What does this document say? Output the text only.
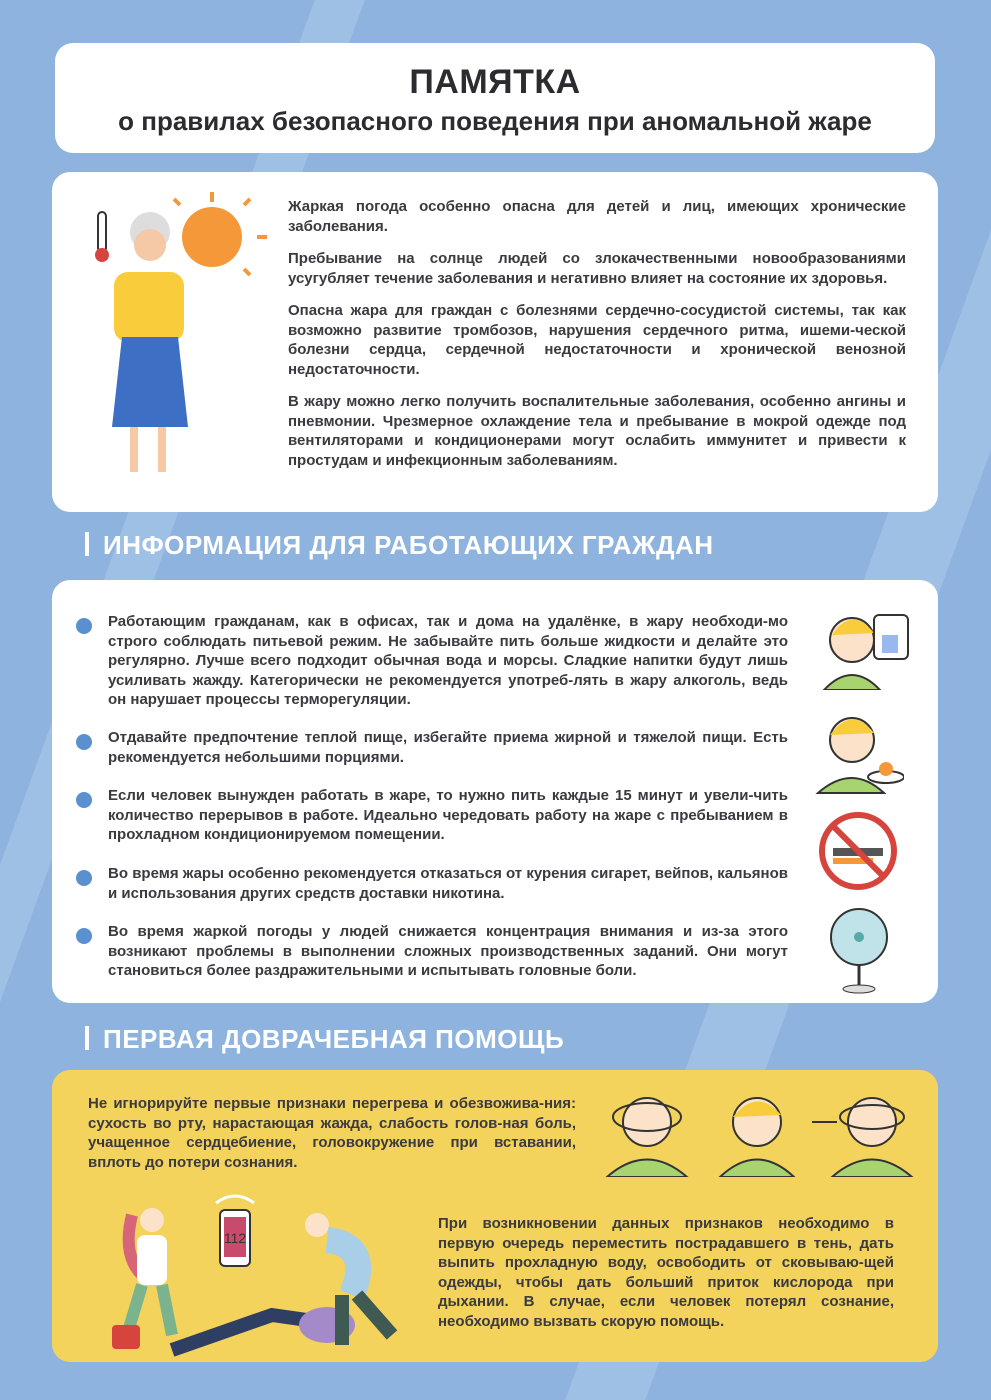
ПАМЯТКА
о правилах безопасного поведения при аномальной жаре

Жаркая погода особенно опасна для детей и лиц, имеющих хронические заболевания.

Пребывание на солнце людей со злокачественными новообразованиями усугубляет течение заболевания и негативно влияет на состояние их здоровья.

Опасна жара для граждан с болезнями сердечно-сосудистой системы, так как возможно развитие тромбозов, нарушения сердечного ритма, ишеми-ческой болезни сердца, сердечной недостаточности и хронической венозной недостаточности.

В жару можно легко получить воспалительные заболевания, особенно ангины и пневмонии. Чрезмерное охлаждение тела и пребывание в мокрой одежде под вентиляторами и кондиционерами могут ослабить иммунитет и привести к простудам и инфекционным заболеваниям.

ИНФОРМАЦИЯ ДЛЯ РАБОТАЮЩИХ ГРАЖДАН

Работающим гражданам, как в офисах, так и дома на удалёнке, в жару необходи-мо строго соблюдать питьевой режим. Не забывайте пить больше жидкости и делайте это регулярно. Лучше всего подходит обычная вода и морсы. Сладкие напитки будут лишь усиливать жажду. Категорически не рекомендуется употреб-лять в жару алкоголь, ведь он нарушает процессы терморегуляции.

Отдавайте предпочтение теплой пище, избегайте приема жирной и тяжелой пищи. Есть рекомендуется небольшими порциями.

Если человек вынужден работать в жаре, то нужно пить каждые 15 минут и увели-чить количество перерывов в работе. Идеально чередовать работу на жаре с пребыванием в прохладном кондиционируемом помещении.

Во время жары особенно рекомендуется отказаться от курения сигарет, вейпов, кальянов и использования других средств доставки никотина.

Во время жаркой погоды у людей снижается концентрация внимания и из-за этого возникают проблемы в выполнении сложных производственных заданий. Они могут становиться более раздражительными и испытывать головные боли.

ПЕРВАЯ ДОВРАЧЕБНАЯ ПОМОЩЬ

Не игнорируйте первые признаки перегрева и обезвожива-ния: сухость во рту, нарастающая жажда, слабость голов-ная боль, учащенное сердцебиение, головокружение при вставании, вплоть до потери сознания.

112

При возникновении данных признаков необходимо в первую очередь переместить пострадавшего в тень, дать выпить прохладную воду, освободить от сковываю-щей одежды, чтобы дать больший приток кислорода при дыхании. В случае, если человек потерял сознание, необходимо вызвать скорую помощь.
